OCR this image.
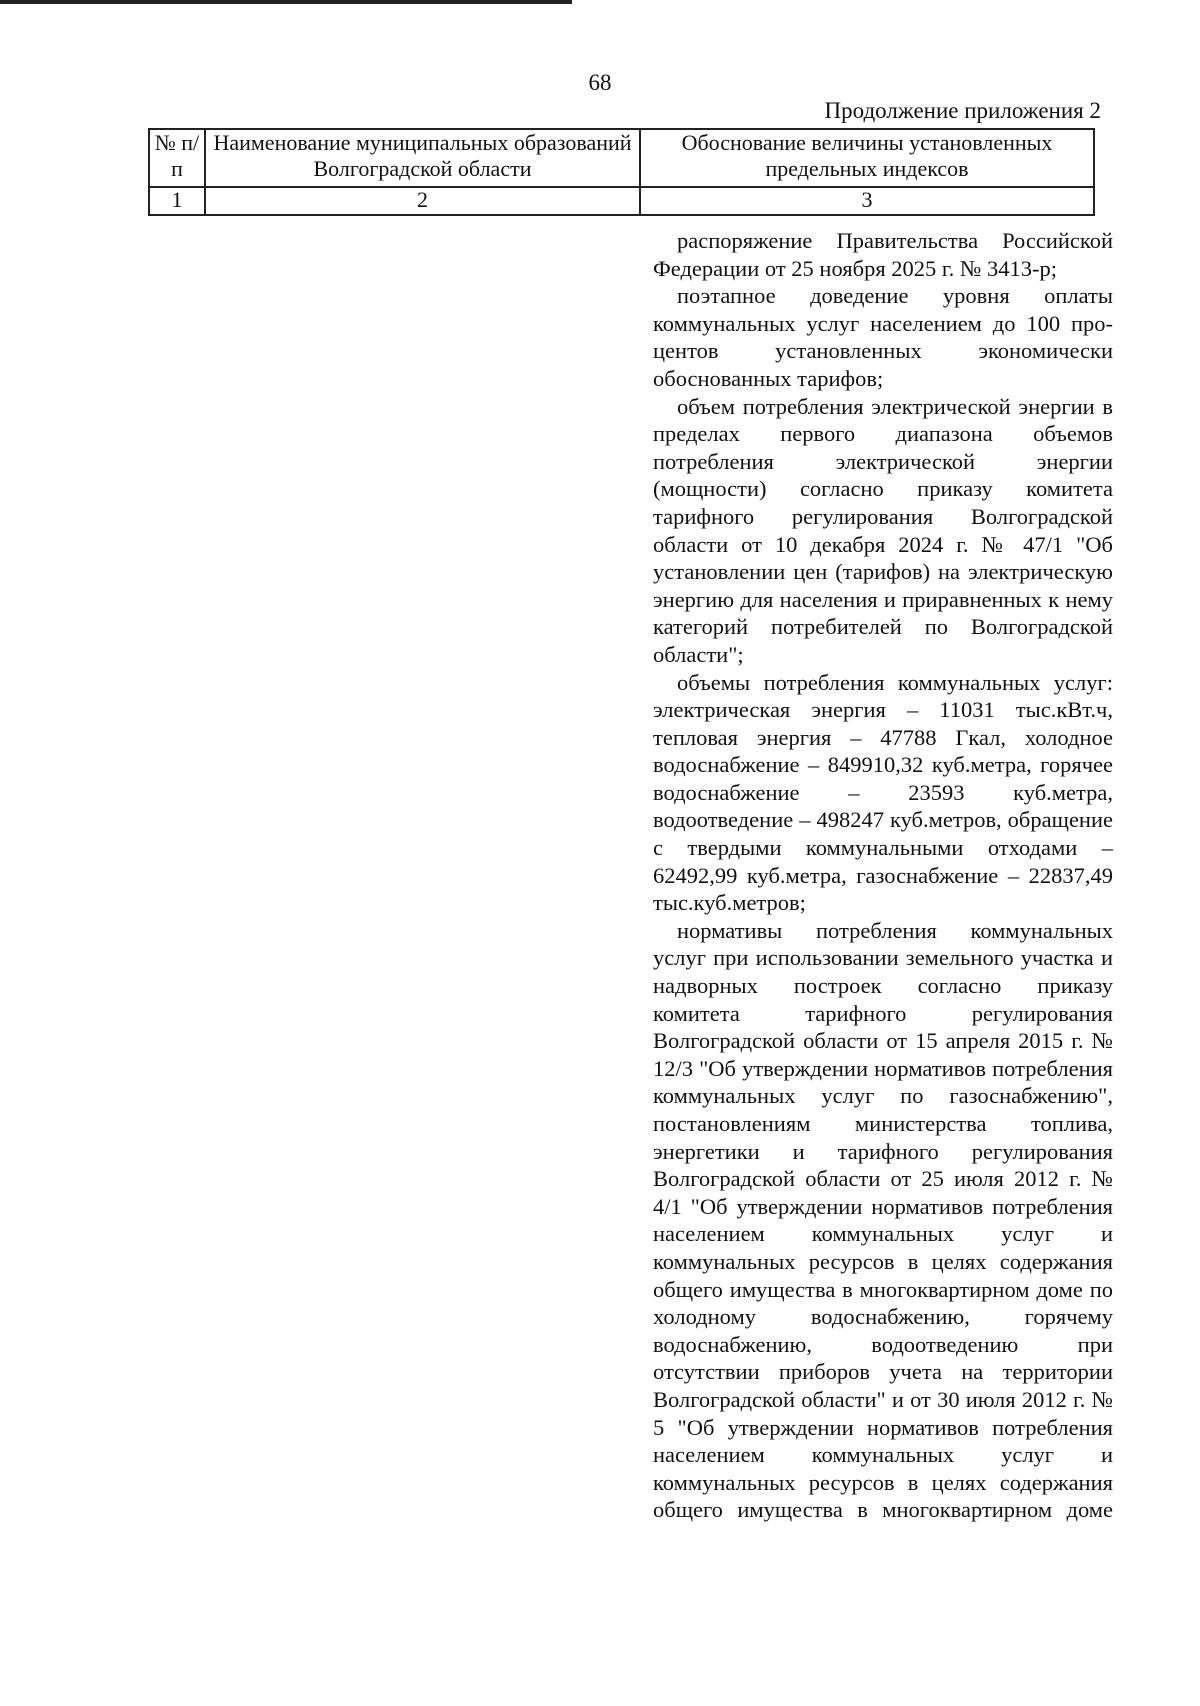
68
Продолжение приложения 2
№ п/п	Наименование муниципальных образований Волгоградской области	Обоснование величины установленных предельных индексов
1	2	3

распоряжение Правительства Российской Федерации от 25 ноября 2025 г. № 3413-р;

поэтапное доведение уровня оплаты коммунальных услуг населением до 100 процентов установленных экономически обоснованных тарифов;

объем потребления электрической энергии в пределах первого диапазона объемов потребления электрической энергии (мощности) согласно приказу комитета тарифного регулирования Волгоградской области от 10 декабря 2024 г. № 47/1 "Об установлении цен (тарифов) на электрическую энергию для населения и приравненных к нему категорий потребителей по Волгоградской области";

объемы потребления коммунальных услуг: электрическая энергия – 11031 тыс.кВт.ч, тепловая энергия – 47788 Гкал, холодное водоснабжение – 849910,32 куб.метра, горячее водоснабжение – 23593 куб.метра, водоотведение – 498247 куб.метров, обращение с твердыми коммунальными отходами – 62492,99 куб.метра, газоснабжение – 22837,49 тыс.куб.метров;

нормативы потребления коммунальных услуг при использовании земельного участка и надворных построек согласно приказу комитета тарифного регулирования Волгоградской области от 15 апреля 2015 г. № 12/3 "Об утверждении нормативов потребления коммунальных услуг по газоснабжению", постановлениям министерства топлива, энергетики и тарифного регулирования Волгоградской области от 25 июля 2012 г. № 4/1 "Об утверждении нормативов потребления населением коммунальных услуг и коммунальных ресурсов в целях содержания общего имущества в многоквартирном доме по холодному водоснабжению, горячему водоснабжению, водоотведению при отсутствии приборов учета на территории Волгоградской области" и от 30 июля 2012 г. № 5 "Об утверждении нормативов потребления населением коммунальных услуг и коммунальных ресурсов в целях содержания общего имущества в многоквартирном доме
